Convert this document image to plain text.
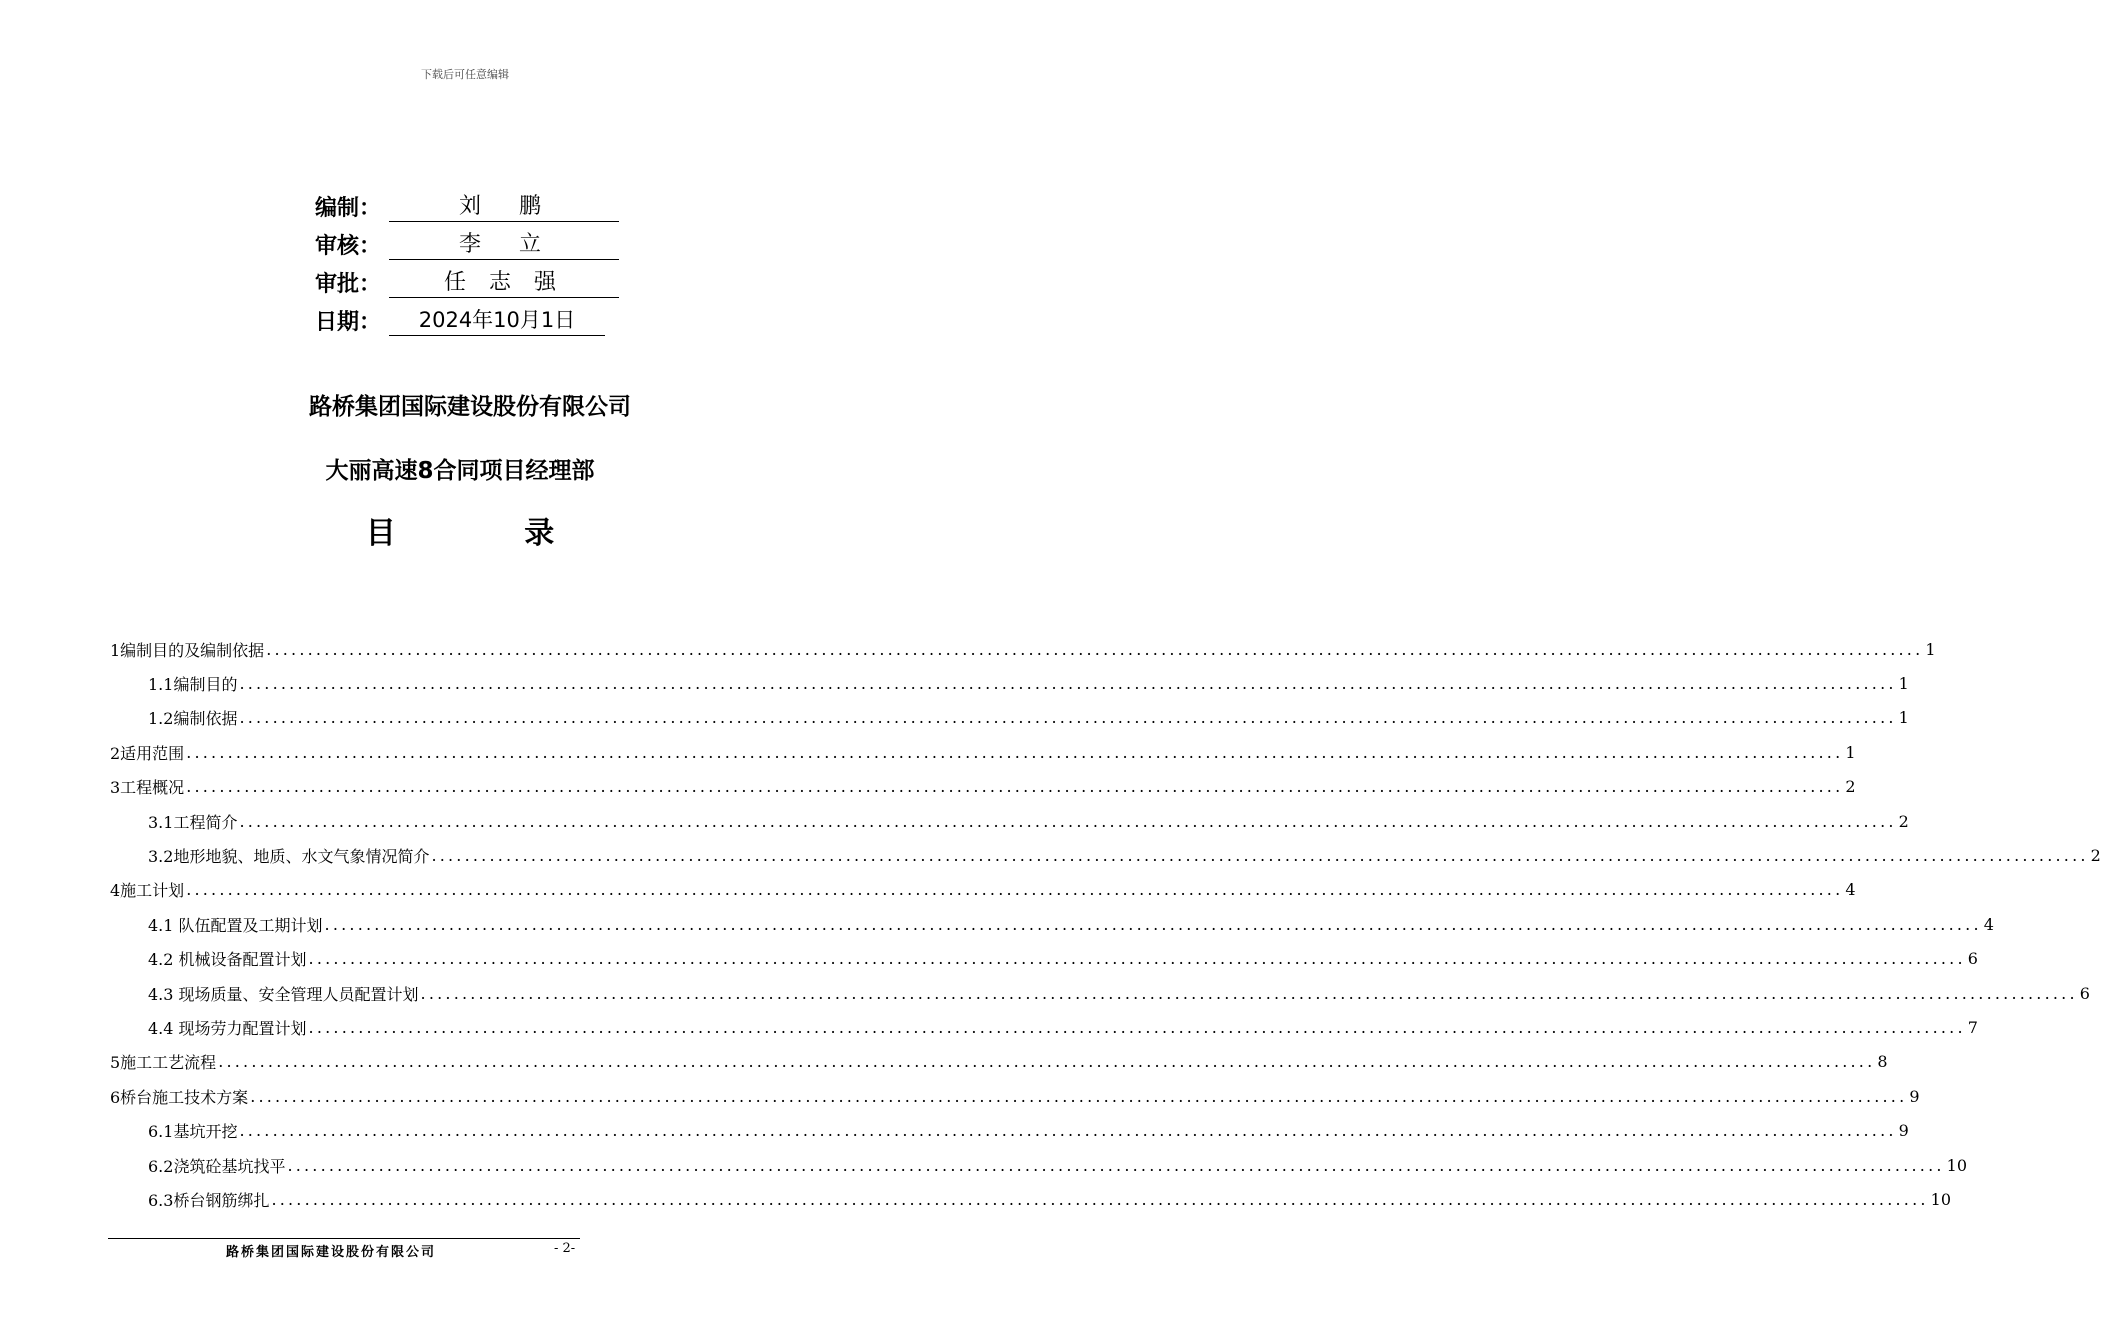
下载后可任意编辑
编制：	刘　鹏
审核：	李　立
审批：	任 志 强
日期：	2024年10月1日
路桥集团国际建设股份有限公司
大丽高速8合同项目经理部
目 录
1编制目的及编制依据 ........................................................................................................................................................................................................ 1
1.1编制目的 ........................................................................................................................................................................................................ 1
1.2编制依据 ........................................................................................................................................................................................................ 1
2适用范围 ........................................................................................................................................................................................................ 1
3工程概况 ........................................................................................................................................................................................................ 2
3.1工程简介 ........................................................................................................................................................................................................ 2
3.2地形地貌、地质、水文气象情况简介 ........................................................................................................................................................................................................ 2
4施工计划 ........................................................................................................................................................................................................ 4
4.1 队伍配置及工期计划 ........................................................................................................................................................................................................ 4
4.2 机械设备配置计划 ........................................................................................................................................................................................................ 6
4.3 现场质量、安全管理人员配置计划 ........................................................................................................................................................................................................ 6
4.4 现场劳力配置计划 ........................................................................................................................................................................................................ 7
5施工工艺流程 ........................................................................................................................................................................................................ 8
6桥台施工技术方案 ........................................................................................................................................................................................................ 9
6.1基坑开挖 ........................................................................................................................................................................................................ 9
6.2浇筑砼基坑找平 ........................................................................................................................................................................................................ 10
6.3桥台钢筋绑扎 ........................................................................................................................................................................................................ 10
路桥集团国际建设股份有限公司	- 2-
